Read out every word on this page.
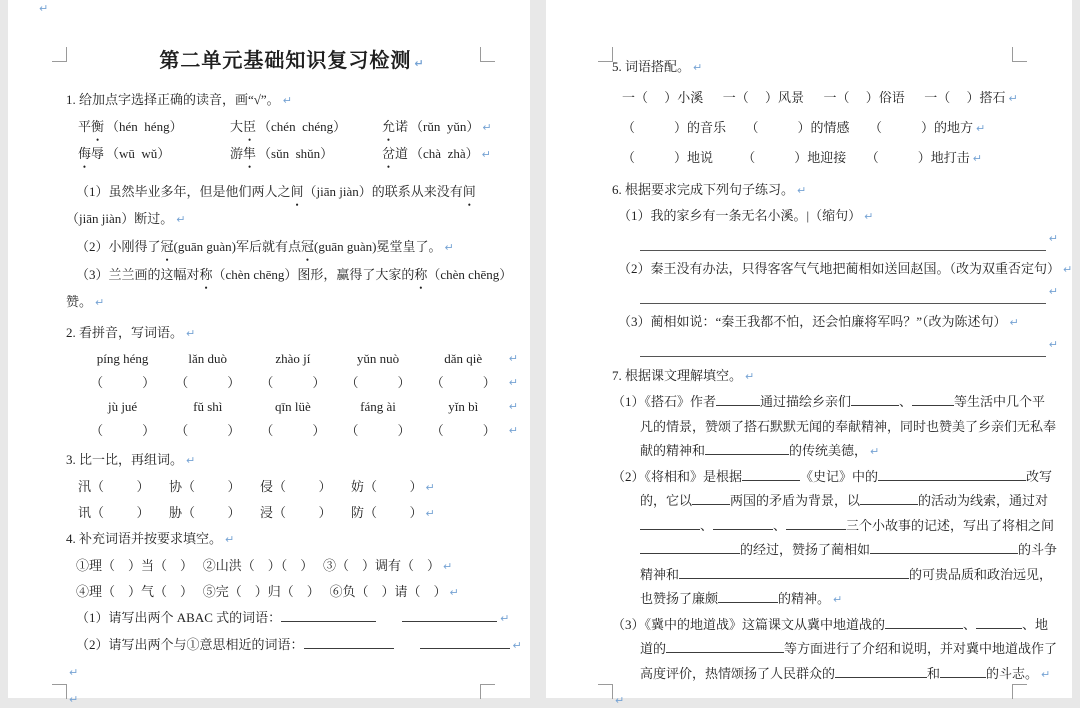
↵
第二单元基础知识复习检测 ↵
1. 给加点字选择正确的读音，画“√”。 ↵
平衡 （hén  héng）	大臣 （chén  chéng）	允诺 （rǔn  yǔn） ↵
侮辱 （wū  wǔ）	游隼 （sǔn  shǔn）	岔道 （chà  zhà） ↵

（1）虽然毕业多年，但是他们两人之间（jiān jiàn）的联系从来没有间（jiān jiàn）断过。 ↵

（2）小刚得了冠(guān guàn)军后就有点冠(guān guàn)冕堂皇了。 ↵

（3）兰兰画的这幅对称（chèn chēng）图形，赢得了大家的称（chèn chēng）赞。 ↵

2. 看拼音，写词语。 ↵
píng héng	lǎn duò	zhào jí	yǔn nuò	dǎn qiè	↵
（            ）	（            ）	（            ）	（            ）	（            ）	↵
jù jué	fǔ shì	qīn lüè	fáng ài	yǐn bì	↵
（            ）	（            ）	（            ）	（            ）	（            ）	↵
3. 比一比，再组词。 ↵
汛（          ）      协（          ）      侵（          ）      妨（          ） ↵
讯（          ）      胁（          ）      浸（          ）      防（          ） ↵
4. 补充词语并按要求填空。 ↵
①理（    ）当（    ）   ②山洪（    ）（    ）   ③（    ）调有（    ） ↵
④理（    ）气（    ）   ⑤完（    ）归（    ）   ⑥负（    ）请（    ） ↵
（1）请写出两个 ABAC 式的词语：	↵
（2）请写出两个与①意思相近的词语：	↵
↵
↵
5. 词语搭配。 ↵
一（     ）小溪      一（     ）风景      一（     ）俗语      一（     ）搭石 ↵
（            ）的音乐      （            ）的情感      （            ）的地方 ↵
（            ）地说         （            ）地迎接      （            ）地打击 ↵
6. 根据要求完成下列句子练习。 ↵
（1）我的家乡有一条无名小溪。|（缩句） ↵
↵
（2）秦王没有办法，只得客客气气地把蔺相如送回赵国。（改为双重否定句） ↵
↵
（3）蔺相如说：“秦王我都不怕，还会怕廉将军吗？”（改为陈述句） ↵
↵
7. 根据课文理解填空。 ↵

（1）《搭石》作者	通过描绘乡亲们	、	等生活中几个平凡的情景，赞颂了搭石默默无闻的奉献精神，同时也赞美了乡亲们无私奉献的精神和	的传统美德， ↵

（2）《将相和》是根据	《史记》中的	改写的，它以	两国的矛盾为背景，以	的活动为线索，通过对、	、	三个小故事的记述，写出了将相之间的经过，赞扬了蔺相如	的斗争精神和	的可贵品质和政治远见，也赞扬了廉颇	的精神。 ↵

（3）《冀中的地道战》这篇课文从冀中地道战的	、	、地道的	等方面进行了介绍和说明，并对冀中地道战作了高度评价，热情颂扬了人民群众的	和	的斗志。 ↵

↵
